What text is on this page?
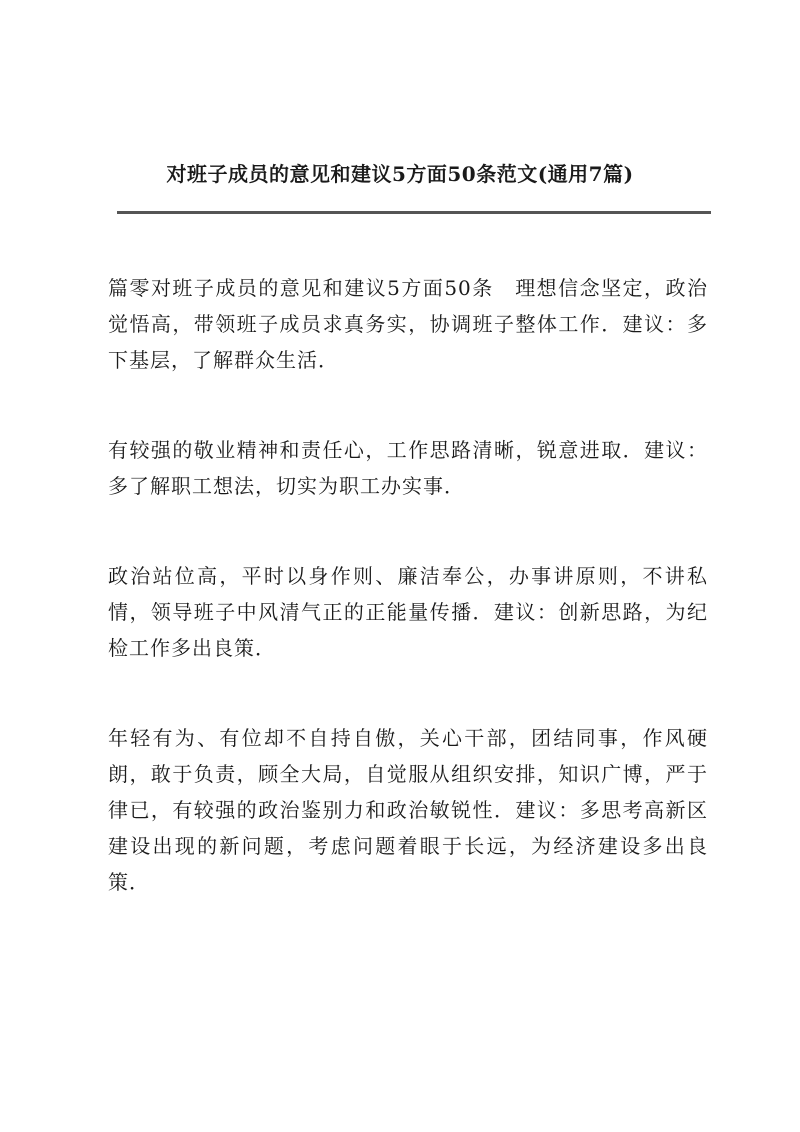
对班子成员的意见和建议5方面50条范文(通用7篇)

篇零对班子成员的意见和建议5方面50条　理想信念坚定，政治觉悟高，带领班子成员求真务实，协调班子整体工作．建议：多下基层，了解群众生活．

有较强的敬业精神和责任心，工作思路清晰，锐意进取．建议：多了解职工想法，切实为职工办实事．

政治站位高，平时以身作则、廉洁奉公，办事讲原则，不讲私情，领导班子中风清气正的正能量传播．建议：创新思路，为纪检工作多出良策．

年轻有为、有位却不自持自傲，关心干部，团结同事，作风硬朗，敢于负责，顾全大局，自觉服从组织安排，知识广博，严于律已，有较强的政治鉴别力和政治敏锐性．建议：多思考高新区建设出现的新问题，考虑问题着眼于长远，为经济建设多出良策．
